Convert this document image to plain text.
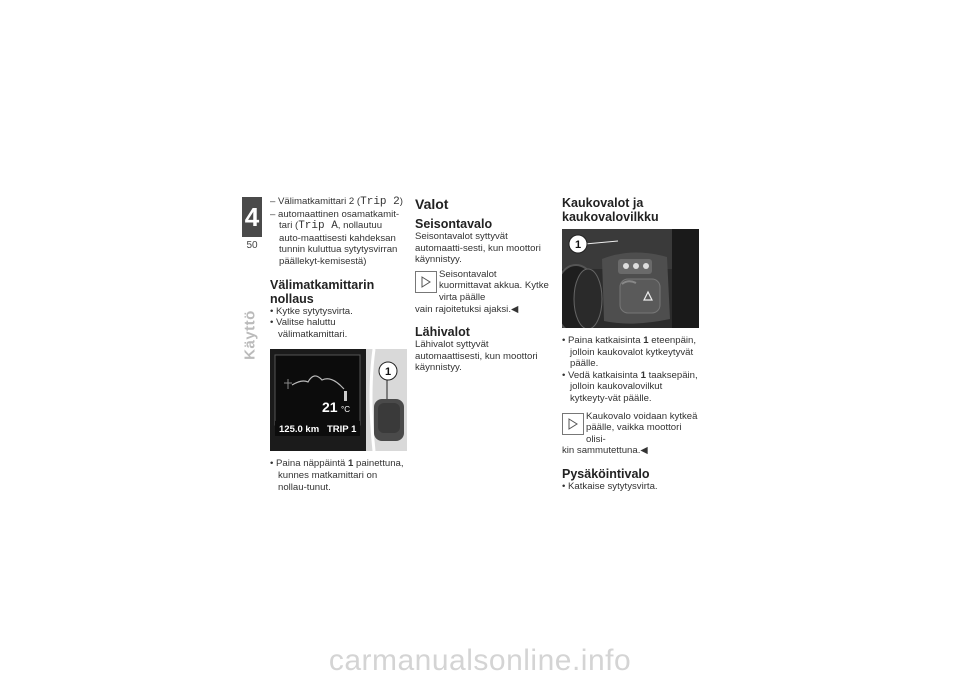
4
50
Käyttö
– Välimatkamittari 2 (Trip 2)
– automaattinen osamatkamit-tari (Trip A, nollautuu auto-maattisesti kahdeksan tunnin kuluttua sytytysvirran päällekyt-kemisestä)
Välimatkamittarin nollaus
• Kytke sytytysvirta.
• Valitse haluttu välimatkamittari.
1
21 °C
125.0 km TRIP 1
• Paina näppäintä 1 painettuna, kunnes matkamittari on nollau-tunut.
Valot
Seisontavalo
Seisontavalot syttyvät automaatti-sesti, kun moottori käynnistyy.
Seisontavalot kuormittavat akkua. Kytke virta päälle
vain rajoitetuksi ajaksi.◀
Lähivalot
Lähivalot syttyvät automaattisesti, kun moottori käynnistyy.
Kaukovalot ja kaukovalovilkku
1
• Paina katkaisinta 1 eteenpäin, jolloin kaukovalot kytkeytyvät päälle.
• Vedä katkaisinta 1 taaksepäin, jolloin kaukovalovilkut kytkeyty-vät päälle.
Kaukovalo voidaan kytkeä päälle, vaikka moottori olisi-
kin sammutettuna.◀
Pysäköintivalo
• Katkaise sytytysvirta.
carmanualsonline.info
